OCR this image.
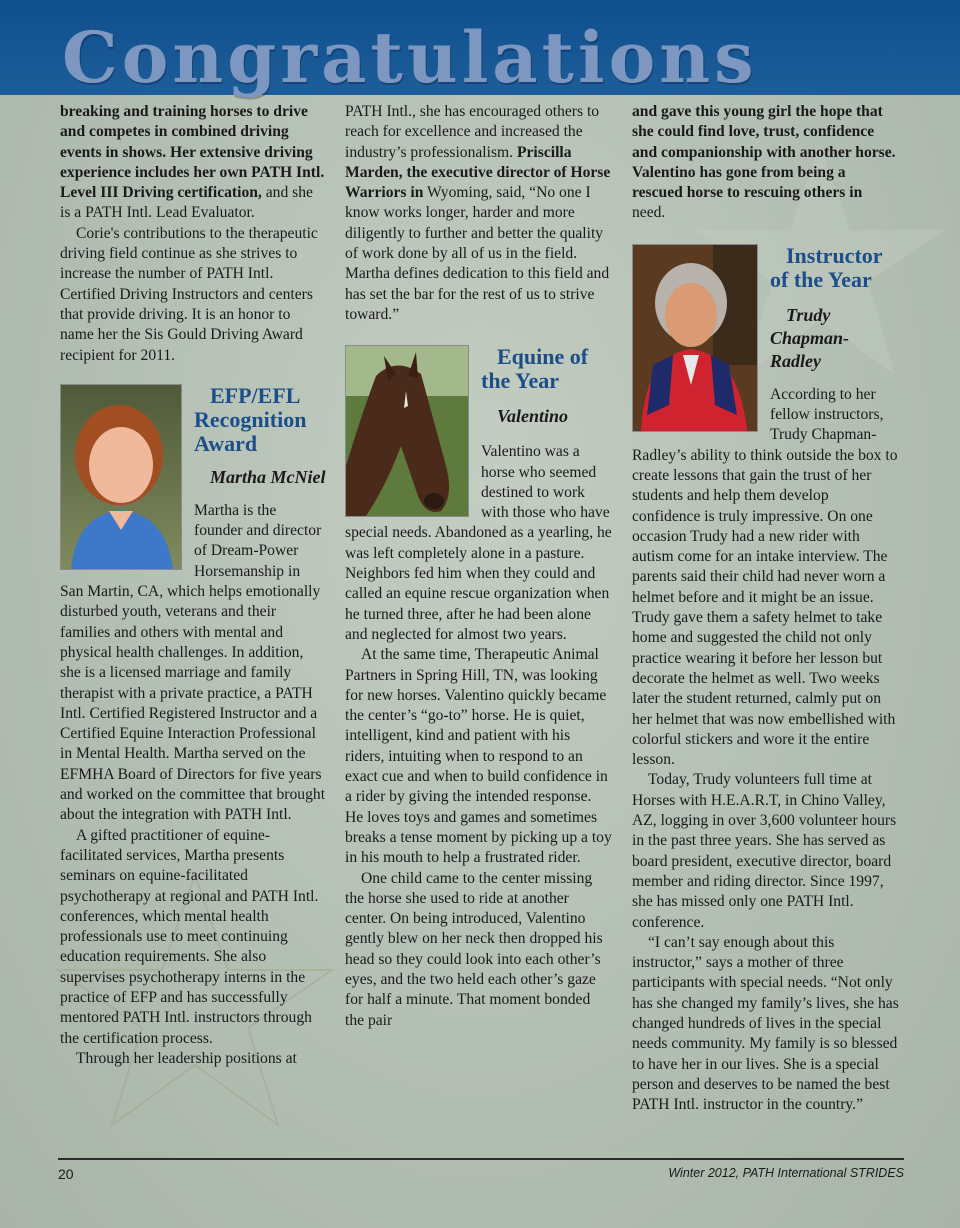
Congratulations

breaking and training horses to drive and competes in combined driving events in shows. Her extensive driving experience includes her own PATH Intl. Level III Driving certification, and she is a PATH Intl. Lead Evaluator.

Corie's contributions to the therapeutic driving field continue as she strives to increase the number of PATH Intl. Certified Driving Instructors and centers that provide driving. It is an honor to name her the Sis Gould Driving Award recipient for 2011.

EFP/EFL Recognition Award

Martha McNiel

Martha is the founder and director of Dream-Power Horsemanship in San Martin, CA, which helps emotionally disturbed youth, veterans and their families and others with mental and physical health challenges. In addition, she is a licensed marriage and family therapist with a private practice, a PATH Intl. Certified Registered Instructor and a Certified Equine Interaction Professional in Mental Health. Martha served on the EFMHA Board of Directors for five years and worked on the committee that brought about the integration with PATH Intl.

A gifted practitioner of equine-facilitated services, Martha presents seminars on equine-facilitated psychotherapy at regional and PATH Intl. conferences, which mental health professionals use to meet continuing education requirements. She also supervises psychotherapy interns in the practice of EFP and has successfully mentored PATH Intl. instructors through the certification process.

Through her leadership positions at

PATH Intl., she has encouraged others to reach for excellence and increased the industry’s professionalism. Priscilla Marden, the executive director of Horse Warriors in Wyoming, said, “No one I know works longer, harder and more diligently to further and better the quality of work done by all of us in the field. Martha defines dedication to this field and has set the bar for the rest of us to strive toward.”

Equine of the Year

Valentino

Valentino was a horse who seemed destined to work with those who have special needs. Abandoned as a yearling, he was left completely alone in a pasture. Neighbors fed him when they could and called an equine rescue organization when he turned three, after he had been alone and neglected for almost two years.

At the same time, Therapeutic Animal Partners in Spring Hill, TN, was looking for new horses. Valentino quickly became the center’s “go-to” horse. He is quiet, intelligent, kind and patient with his riders, intuiting when to respond to an exact cue and when to build confidence in a rider by giving the intended response. He loves toys and games and sometimes breaks a tense moment by picking up a toy in his mouth to help a frustrated rider.

One child came to the center missing the horse she used to ride at another center. On being introduced, Valentino gently blew on her neck then dropped his head so they could look into each other’s eyes, and the two held each other’s gaze for half a minute. That moment bonded the pair

and gave this young girl the hope that she could find love, trust, confidence and companionship with another horse. Valentino has gone from being a rescued horse to rescuing others in need.

Instructor of the Year

Trudy Chapman-Radley

According to her fellow instructors, Trudy Chapman-Radley’s ability to think outside the box to create lessons that gain the trust of her students and help them develop confidence is truly impressive. On one occasion Trudy had a new rider with autism come for an intake interview. The parents said their child had never worn a helmet before and it might be an issue. Trudy gave them a safety helmet to take home and suggested the child not only practice wearing it before her lesson but decorate the helmet as well. Two weeks later the student returned, calmly put on her helmet that was now embellished with colorful stickers and wore it the entire lesson.

Today, Trudy volunteers full time at Horses with H.E.A.R.T, in Chino Valley, AZ, logging in over 3,600 volunteer hours in the past three years. She has served as board president, executive director, board member and riding director. Since 1997, she has missed only one PATH Intl. conference.

“I can’t say enough about this instructor,” says a mother of three participants with special needs. “Not only has she changed my family’s lives, she has changed hundreds of lives in the special needs community. My family is so blessed to have her in our lives. She is a special person and deserves to be named the best PATH Intl. instructor in the country.”

20	Winter 2012, PATH International STRIDES
